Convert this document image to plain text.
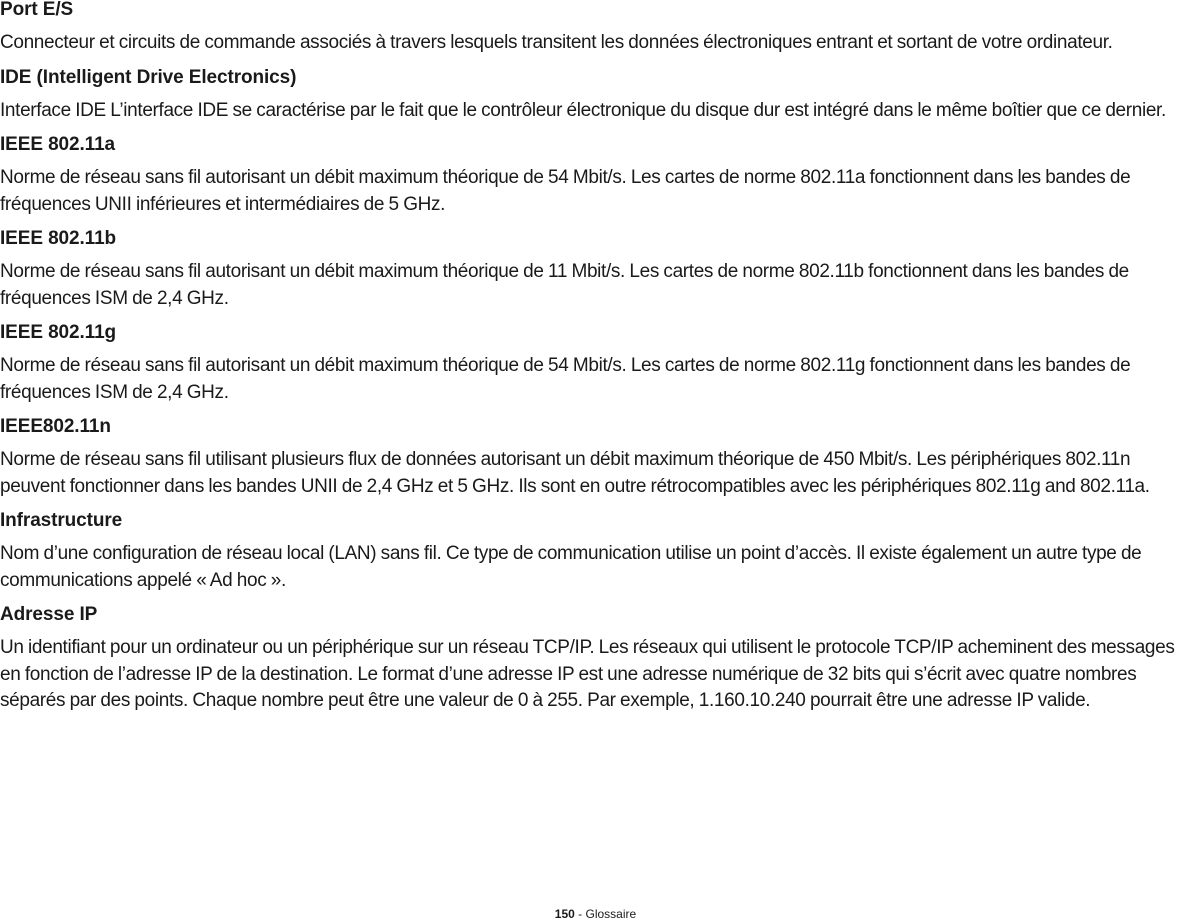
Port E/S

Connecteur et circuits de commande associés à travers lesquels transitent les données électroniques entrant et sortant de votre ordinateur.

IDE (Intelligent Drive Electronics)

Interface IDE L’interface IDE se caractérise par le fait que le contrôleur électronique du disque dur est intégré dans le même boîtier que ce dernier.

IEEE 802.11a

Norme de réseau sans fil autorisant un débit maximum théorique de 54 Mbit/s. Les cartes de norme 802.11a fonctionnent dans les bandes de fréquences UNII inférieures et intermédiaires de 5 GHz.

IEEE 802.11b

Norme de réseau sans fil autorisant un débit maximum théorique de 11 Mbit/s. Les cartes de norme 802.11b fonctionnent dans les bandes de fréquences ISM de 2,4 GHz.

IEEE 802.11g

Norme de réseau sans fil autorisant un débit maximum théorique de 54 Mbit/s. Les cartes de norme 802.11g fonctionnent dans les bandes de fréquences ISM de 2,4 GHz.

IEEE802.11n

Norme de réseau sans fil utilisant plusieurs flux de données autorisant un débit maximum théorique de 450 Mbit/s. Les périphériques 802.11n peuvent fonctionner dans les bandes UNII de 2,4 GHz et 5 GHz. Ils sont en outre rétrocompatibles avec les périphériques 802.11g and 802.11a.

Infrastructure

Nom d’une configuration de réseau local (LAN) sans fil. Ce type de communication utilise un point d’accès. Il existe également un autre type de communications appelé « Ad hoc ».

Adresse IP

Un identifiant pour un ordinateur ou un périphérique sur un réseau TCP/IP. Les réseaux qui utilisent le protocole TCP/IP acheminent des messages en fonction de l’adresse IP de la destination. Le format d’une adresse IP est une adresse numérique de 32 bits qui s’écrit avec quatre nombres séparés par des points. Chaque nombre peut être une valeur de 0 à 255. Par exemple, 1.160.10.240 pourrait être une adresse IP valide.

150 - Glossaire
